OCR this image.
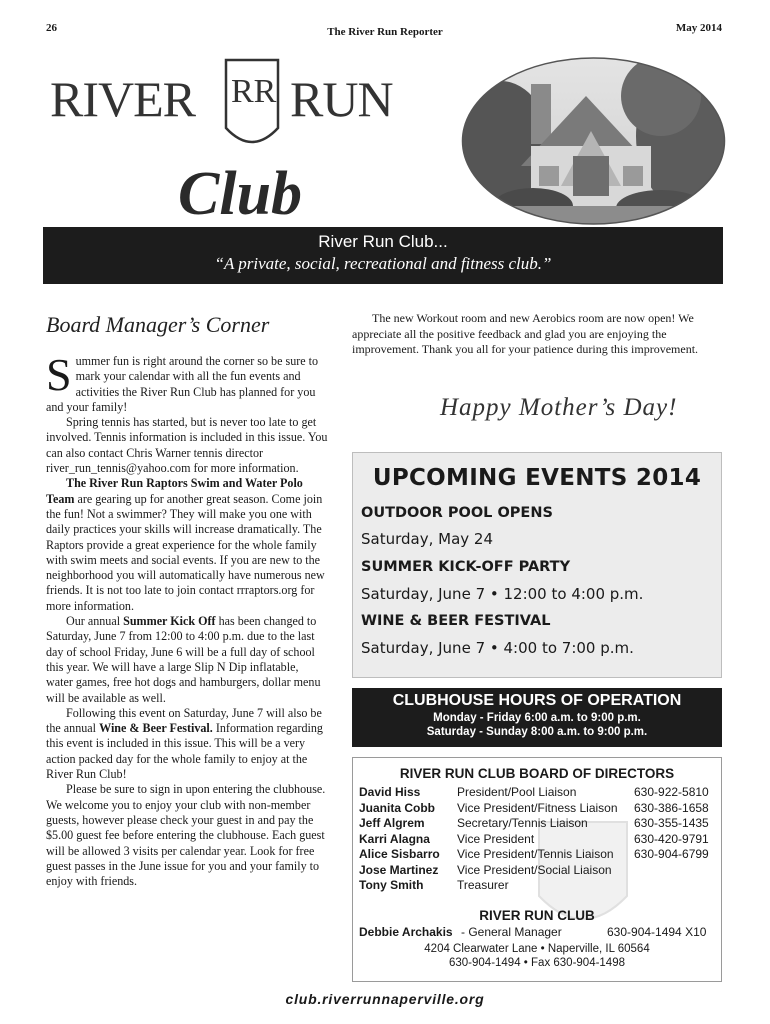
26	The River Run Reporter	May 2014
RIVER RR RUN
Club
River Run Club...
“A private, social, recreational and fitness club.”
Board Manager’s Corner

Summer fun is right around the corner so be sure to mark your calendar with all the fun events and activities the River Run Club has planned for you and your family!

Spring tennis has started, but is never too late to get involved. Tennis information is included in this issue. You can also contact Chris Warner tennis director river_run_tennis@yahoo.com for more information.

The River Run Raptors Swim and Water Polo Team are gearing up for another great season. Come join the fun! Not a swimmer? They will make you one with daily practices your skills will increase dramatically. The Raptors provide a great experience for the whole family with swim meets and social events. If you are new to the neighborhood you will automatically have numerous new friends. It is not too late to join contact rrraptors.org for more information.

Our annual Summer Kick Off has been changed to Saturday, June 7 from 12:00 to 4:00 p.m. due to the last day of school Friday, June 6 will be a full day of school this year. We will have a large Slip N Dip inflatable, water games, free hot dogs and hamburgers, dollar menu will be available as well.

Following this event on Saturday, June 7 will also be the annual Wine & Beer Festival. Information regarding this event is included in this issue. This will be a very action packed day for the whole family to enjoy at the River Run Club!

Please be sure to sign in upon entering the clubhouse. We welcome you to enjoy your club with non-member guests, however please check your guest in and pay the $5.00 guest fee before entering the clubhouse. Each guest will be allowed 3 visits per calendar year. Look for free guest passes in the June issue for you and your family to enjoy with friends.

The new Workout room and new Aerobics room are now open! We appreciate all the positive feedback and glad you are enjoying the improvement. Thank you all for your patience during this improvement.
Happy Mother’s Day!
UPCOMING EVENTS 2014
OUTDOOR POOL OPENS
Saturday, May 24
SUMMER KICK-OFF PARTY
Saturday, June 7 • 12:00 to 4:00 p.m.
WINE & BEER FESTIVAL
Saturday, June 7 • 4:00 to 7:00 p.m.
CLUBHOUSE HOURS OF OPERATION
Monday - Friday 6:00 a.m. to 9:00 p.m.
Saturday - Sunday 8:00 a.m. to 9:00 p.m.
RIVER RUN CLUB BOARD OF DIRECTORS
David Hiss	President/Pool Liaison	630-922-5810
Juanita Cobb Vice President/Fitness Liaison 630-386-1658
Jeff Algrem	Secretary/Tennis Liaison	630-355-1435
Karri Alagna Vice President	630-420-9791
Alice Sisbarro Vice President/Tennis Liaison 630-904-6799
Jose Martinez Vice President/Social Liaison
Tony Smith	Treasurer
RIVER RUN CLUB
Debbie Archakis - General Manager	630-904-1494 X10
4204 Clearwater Lane • Naperville, IL 60564
630-904-1494 • Fax 630-904-1498
club.riverrunnaperville.org
